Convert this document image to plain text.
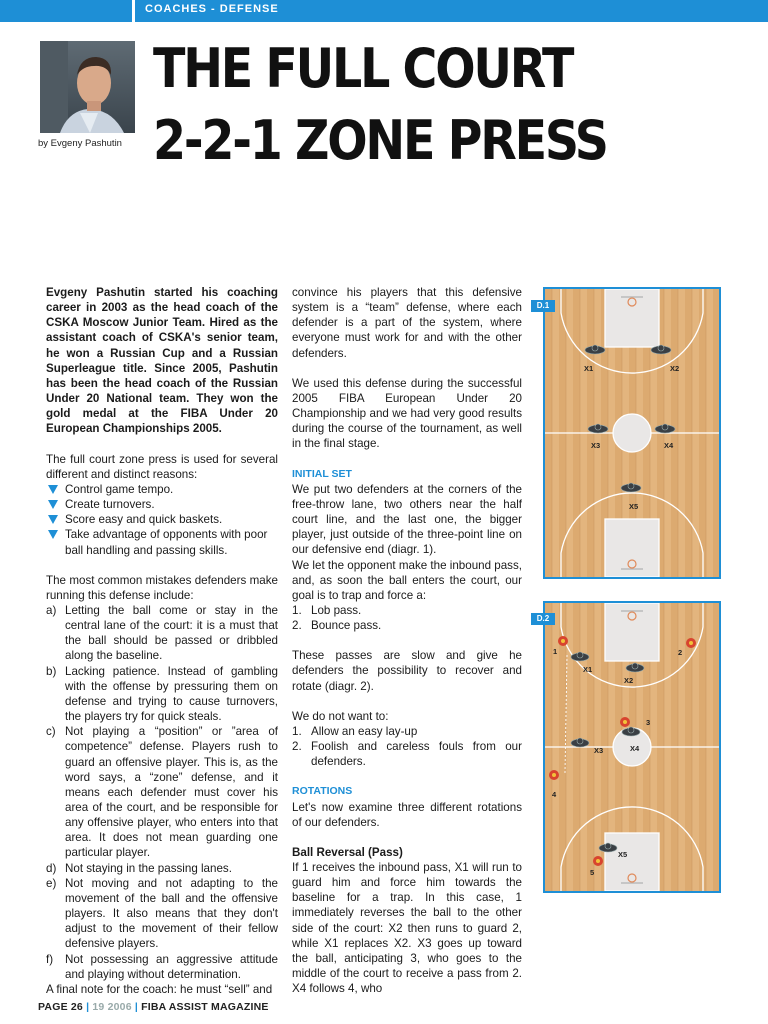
COACHES - DEFENSE
by Evgeny Pashutin
THE FULL COURT
2-2-1 ZONE PRESS

Evgeny Pashutin started his coaching career in 2003 as the head coach of the CSKA Moscow Junior Team. Hired as the assistant coach of CSKA's senior team, he won a Russian Cup and a Russian Superleague title. Since 2005, Pashutin has been the head coach of the Russian Under 20 National team. They won the gold medal at the FIBA Under 20 European Championships 2005.

The full court zone press is used for several different and distinct reasons:

Control game tempo.
Create turnovers.
Score easy and quick baskets.
Take advantage of opponents with poor ball handling and passing skills.

The most common mistakes defenders make running this defense include:

a) Letting the ball come or stay in the central lane of the court: it is a must that the ball should be passed or dribbled along the baseline.
b) Lacking patience. Instead of gambling with the offense by pressuring them on defense and trying to cause turnovers, the players try for quick steals.
c) Not playing a “position” or ”area of competence” defense. Players rush to guard an offensive player. This is, as the word says, a “zone” defense, and it means each defender must cover his area of the court, and be responsible for any offensive player, who enters into that area. It does not mean guarding one particular player.
d) Not staying in the passing lanes.
e) Not moving and not adapting to the movement of the ball and the offensive players. It also means that they don't adjust to the movement of their fellow defensive players.
f) Not possessing an aggressive attitude and playing without determination.

A final note for the coach: he must “sell” and

convince his players that this defensive system is a “team” defense, where each defender is a part of the system, where everyone must work for and with the other defenders.

We used this defense during the successful 2005 FIBA European Under 20 Championship and we had very good results during the course of the tournament, as well in the final stage.

INITIAL SET

We put two defenders at the corners of the free-throw lane, two others near the half court line, and the last one, the bigger player, just outside of the three-point line on our defensive end (diagr. 1).

We let the opponent make the inbound pass, and, as soon the ball enters the court, our goal is to trap and force a:

1. Lob pass.
2. Bounce pass.

These passes are slow and give he defenders the possibility to recover and rotate (diagr. 2).

We do not want to:

1. Allow an easy lay-up
2. Foolish and careless fouls from our defenders.

ROTATIONS

Let's now examine three different rotations of our defenders.

Ball Reversal (Pass)

If 1 receives the inbound pass, X1 will run to guard him and force him towards the baseline for a trap. In this case, 1 immediately reverses the ball to the other side of the court: X2 then runs to guard 2, while X1 replaces X2. X3 goes up toward the ball, anticipating 3, who goes to the middle of the court to receive a pass from 2. X4 follows 4, who

X1	X2
X3	X4
X5
D.1
1	2
X1
X2
3
X3	X4
4
X5
5
D.2
PAGE 26 | 19 2006 | FIBA ASSIST MAGAZINE
